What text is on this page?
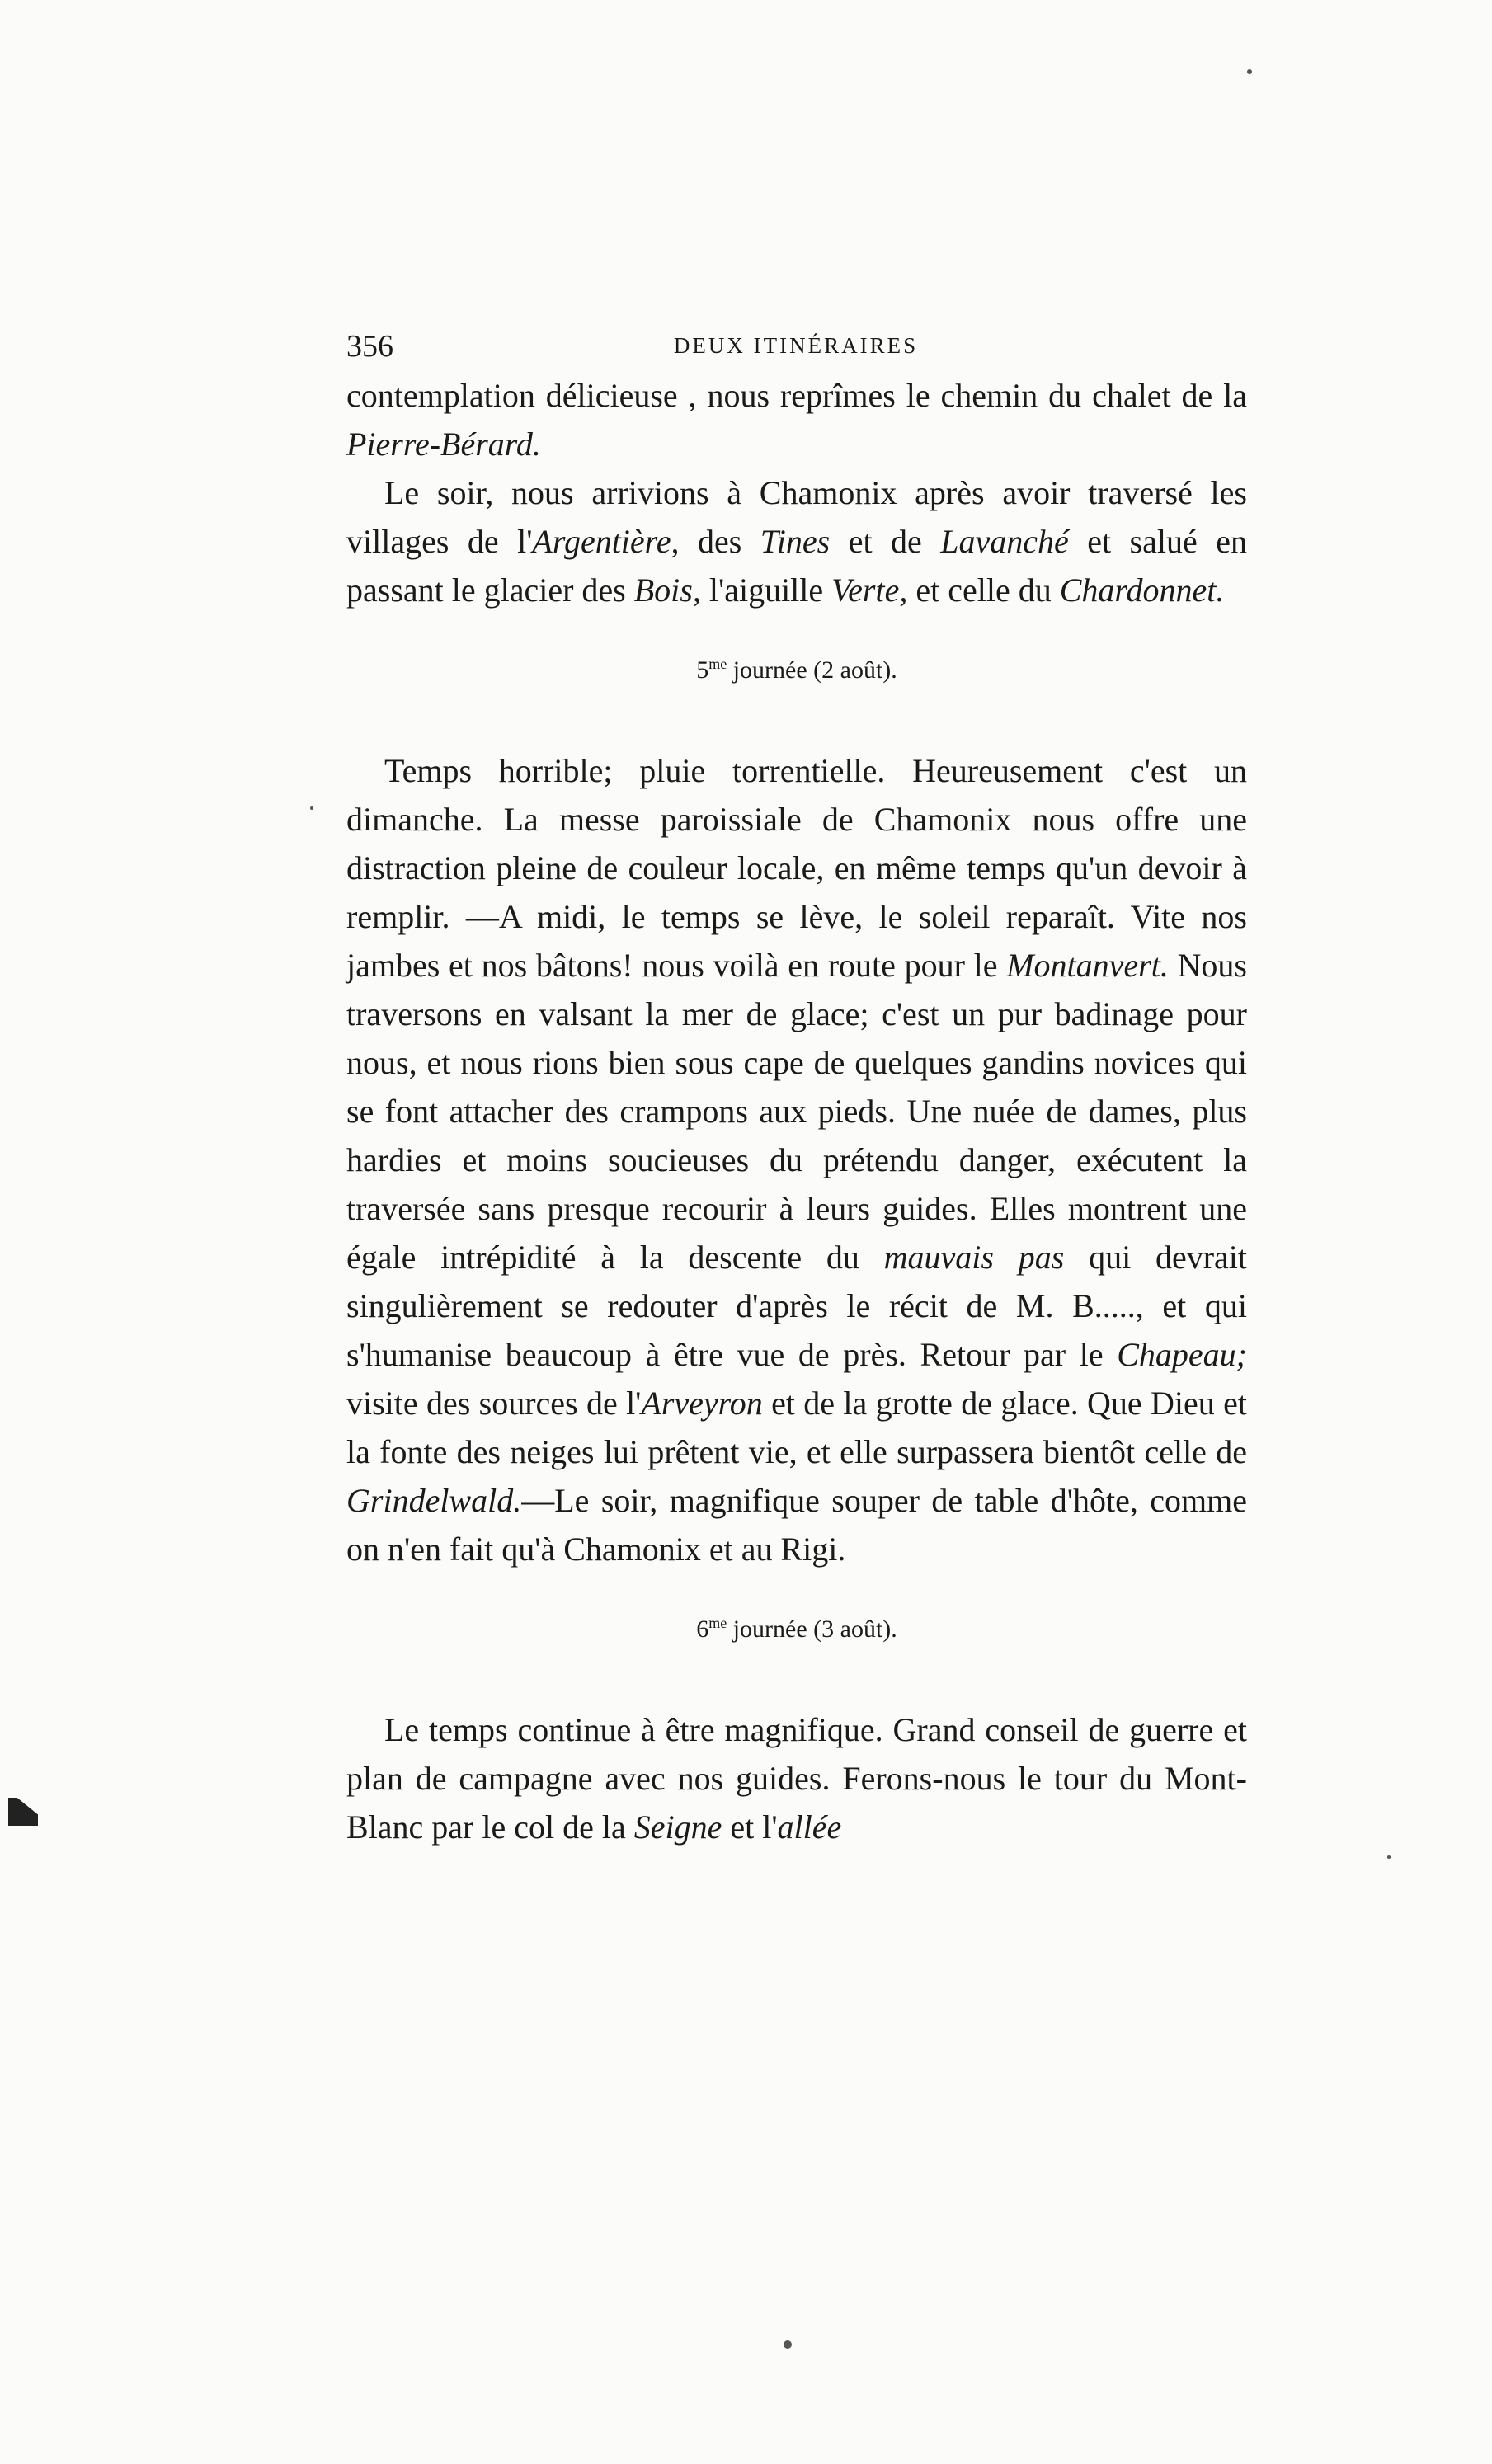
356	DEUX ITINÉRAIRES

contemplation délicieuse , nous reprîmes le chemin du chalet de la Pierre-Bérard.

Le soir, nous arrivions à Chamonix après avoir traversé les villages de l'Argentière, des Tines et de Lavanché et salué en passant le glacier des Bois, l'aiguille Verte, et celle du Chardonnet.

$5^{me}$ journée (2 août).

Temps horrible; pluie torrentielle. Heureusement c'est un dimanche. La messe paroissiale de Chamonix nous offre une distraction pleine de couleur locale, en même temps qu'un devoir à remplir. —A midi, le temps se lève, le soleil reparaît. Vite nos jambes et nos bâtons! nous voilà en route pour le Montanvert. Nous traversons en valsant la mer de glace; c'est un pur badinage pour nous, et nous rions bien sous cape de quelques gandins novices qui se font attacher des crampons aux pieds. Une nuée de dames, plus hardies et moins soucieuses du prétendu danger, exécutent la traversée sans presque recourir à leurs guides. Elles montrent une égale intrépidité à la descente du mauvais pas qui devrait singulièrement se redouter d'après le récit de M. B....., et qui s'humanise beaucoup à être vue de près. Retour par le Chapeau; visite des sources de l'Arveyron et de la grotte de glace. Que Dieu et la fonte des neiges lui prêtent vie, et elle surpassera bientôt celle de Grindelwald.—Le soir, magnifique souper de table d'hôte, comme on n'en fait qu'à Chamonix et au Rigi.

$6^{me}$ journée (3 août).

Le temps continue à être magnifique. Grand conseil de guerre et plan de campagne avec nos guides. Ferons-nous le tour du Mont-Blanc par le col de la Seigne et l'allée
